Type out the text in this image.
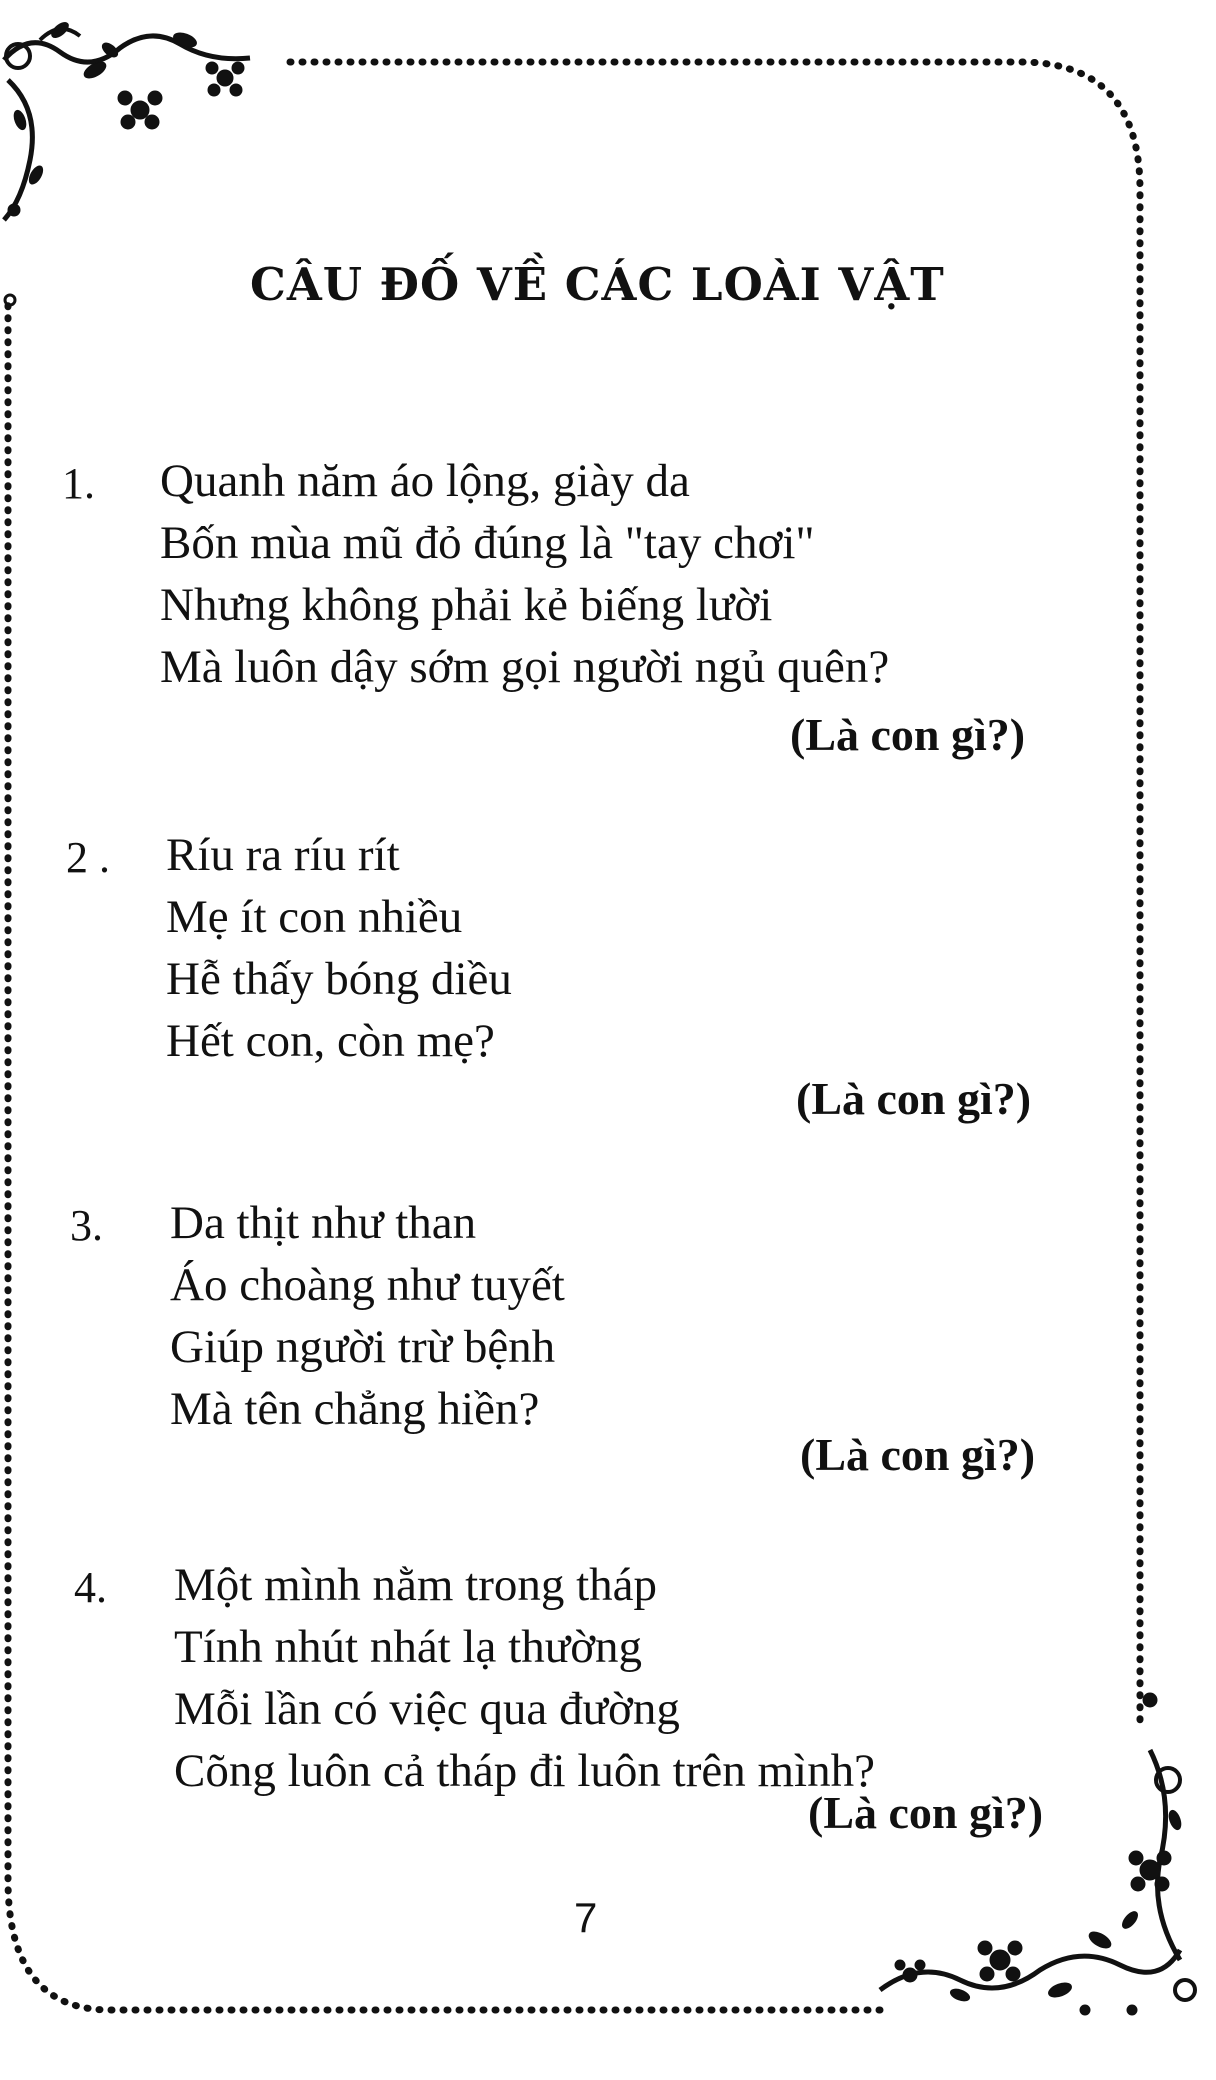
CÂU ĐỐ VỀ CÁC LOÀI VẬT
1. Quanh năm áo lộng, giày da
Bốn mùa mũ đỏ đúng là "tay chơi"
Nhưng không phải kẻ biếng lười
Mà luôn dậy sớm gọi người ngủ quên?
(Là con gì?)
2 . Ríu ra ríu rít
Mẹ ít con nhiều
Hễ thấy bóng diều
Hết con, còn mẹ?
(Là con gì?)
3. Da thịt như than
Áo choàng như tuyết
Giúp người trừ bệnh
Mà tên chẳng hiền?
(Là con gì?)
4. Một mình nằm trong tháp
Tính nhút nhát lạ thường
Mỗi lần có việc qua đường
Cõng luôn cả tháp đi luôn trên mình?
(Là con gì?)
7
